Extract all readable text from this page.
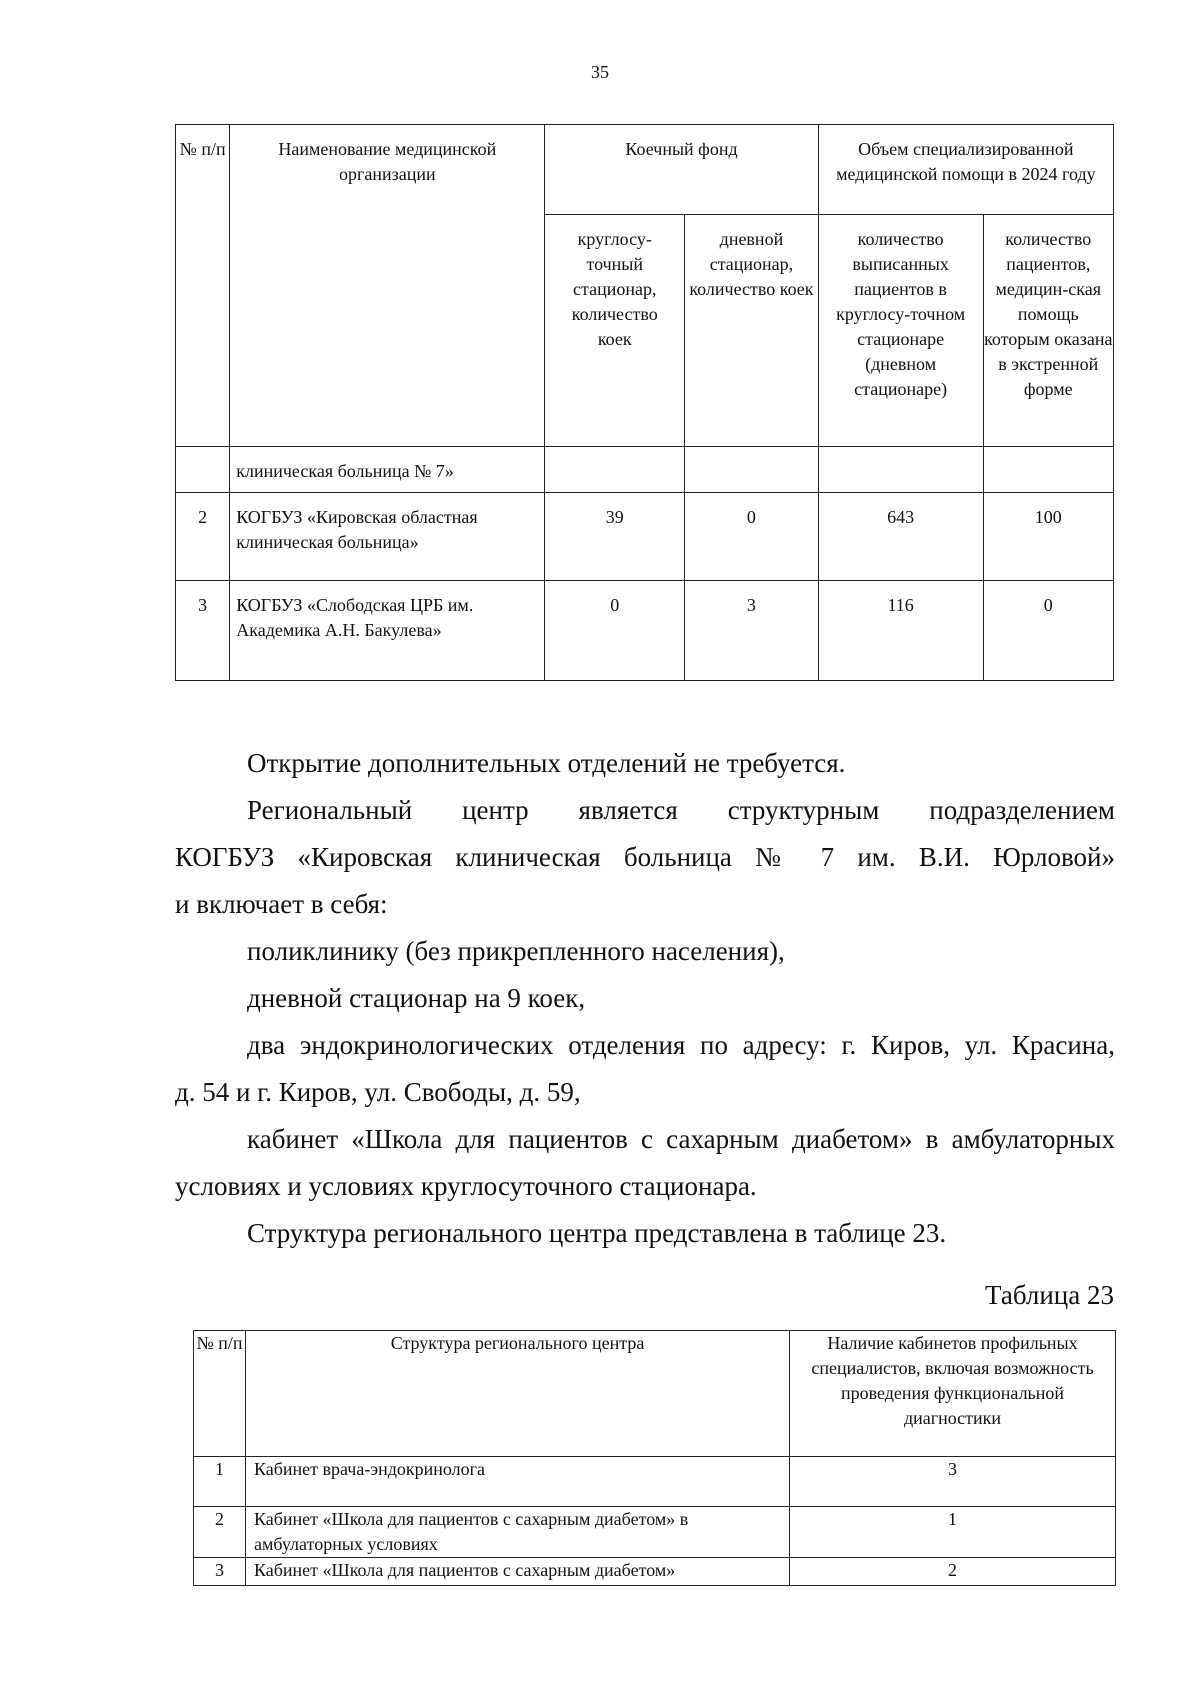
35
№ п/п	Наименование медицинской организации	Коечный фонд		Объем специализированной медицинской помощи в 2024 году	
		круглосу-точный стационар, количество коек	дневной стационар, количество коек	количество выписанных пациентов в круглосу-точном стационаре (дневном стационаре)	количество пациентов, медицин-ская помощь которым оказана в экстренной форме
	клиническая больница № 7»				
2	КОГБУЗ «Кировская областная клиническая больница»	39	0	643	100
3	КОГБУЗ «Слободская ЦРБ им. Академика А.Н. Бакулева»	0	3	116	0

Открытие дополнительных отделений не требуется.

Региональный центр является структурным подразделением

КОГБУЗ «Кировская клиническая больница № 7 им. В.И. Юрловой»

и включает в себя:

поликлинику (без прикрепленного населения),

дневной стационар на 9 коек,

два эндокринологических отделения по адресу: г. Киров, ул. Красина,

д. 54 и г. Киров, ул. Свободы, д. 59,

кабинет «Школа для пациентов с сахарным диабетом» в амбулаторных

условиях и условиях круглосуточного стационара.

Структура регионального центра представлена в таблице 23.

Таблица 23
№ п/п	Структура регионального центра	Наличие кабинетов профильных специалистов, включая возможность проведения функциональной диагностики
1	Кабинет врача-эндокринолога	3
2	Кабинет «Школа для пациентов с сахарным диабетом» в амбулаторных условиях	1
3	Кабинет «Школа для пациентов с сахарным диабетом»	2
